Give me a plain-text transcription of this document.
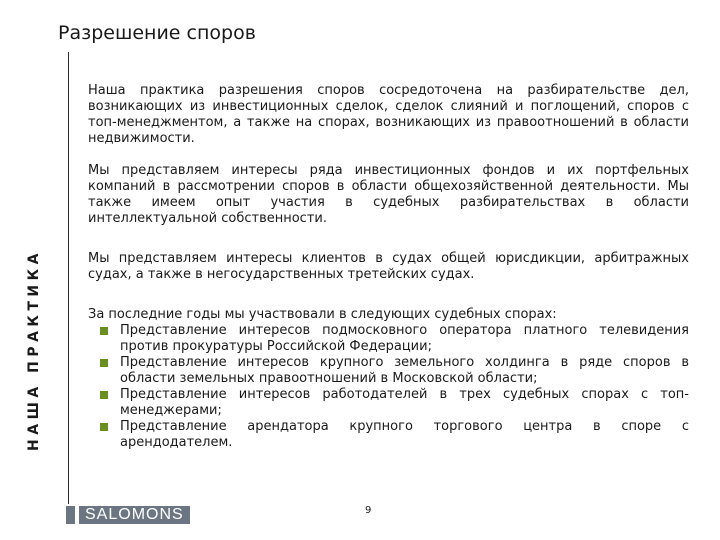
Разрешение споров
НАША ПРАКТИКА

Наша практика разрешения споров сосредоточена на разбирательстве дел, возникающих из инвестиционных сделок, сделок слияний и поглощений, споров с топ-менеджментом, а также на спорах, возникающих из правоотношений в области недвижимости.

Мы представляем интересы ряда инвестиционных фондов и их портфельных компаний в рассмотрении споров в области общехозяйственной деятельности. Мы также имеем опыт участия в судебных разбирательствах в области интеллектуальной собственности.

Мы представляем интересы клиентов в судах общей юрисдикции, арбитражных судах, а также в негосударственных третейских судах.

За последние годы мы участвовали в следующих судебных спорах:
Представление интересов подмосковного оператора платного телевидения против прокуратуры Российской Федерации;
Представление интересов крупного земельного холдинга в ряде споров в области земельных правоотношений в Московской области;
Представление интересов работодателей в трех судебных спорах с топ-менеджерами;
Представление арендатора крупного торгового центра в споре с арендодателем.
9
SALOMONS
